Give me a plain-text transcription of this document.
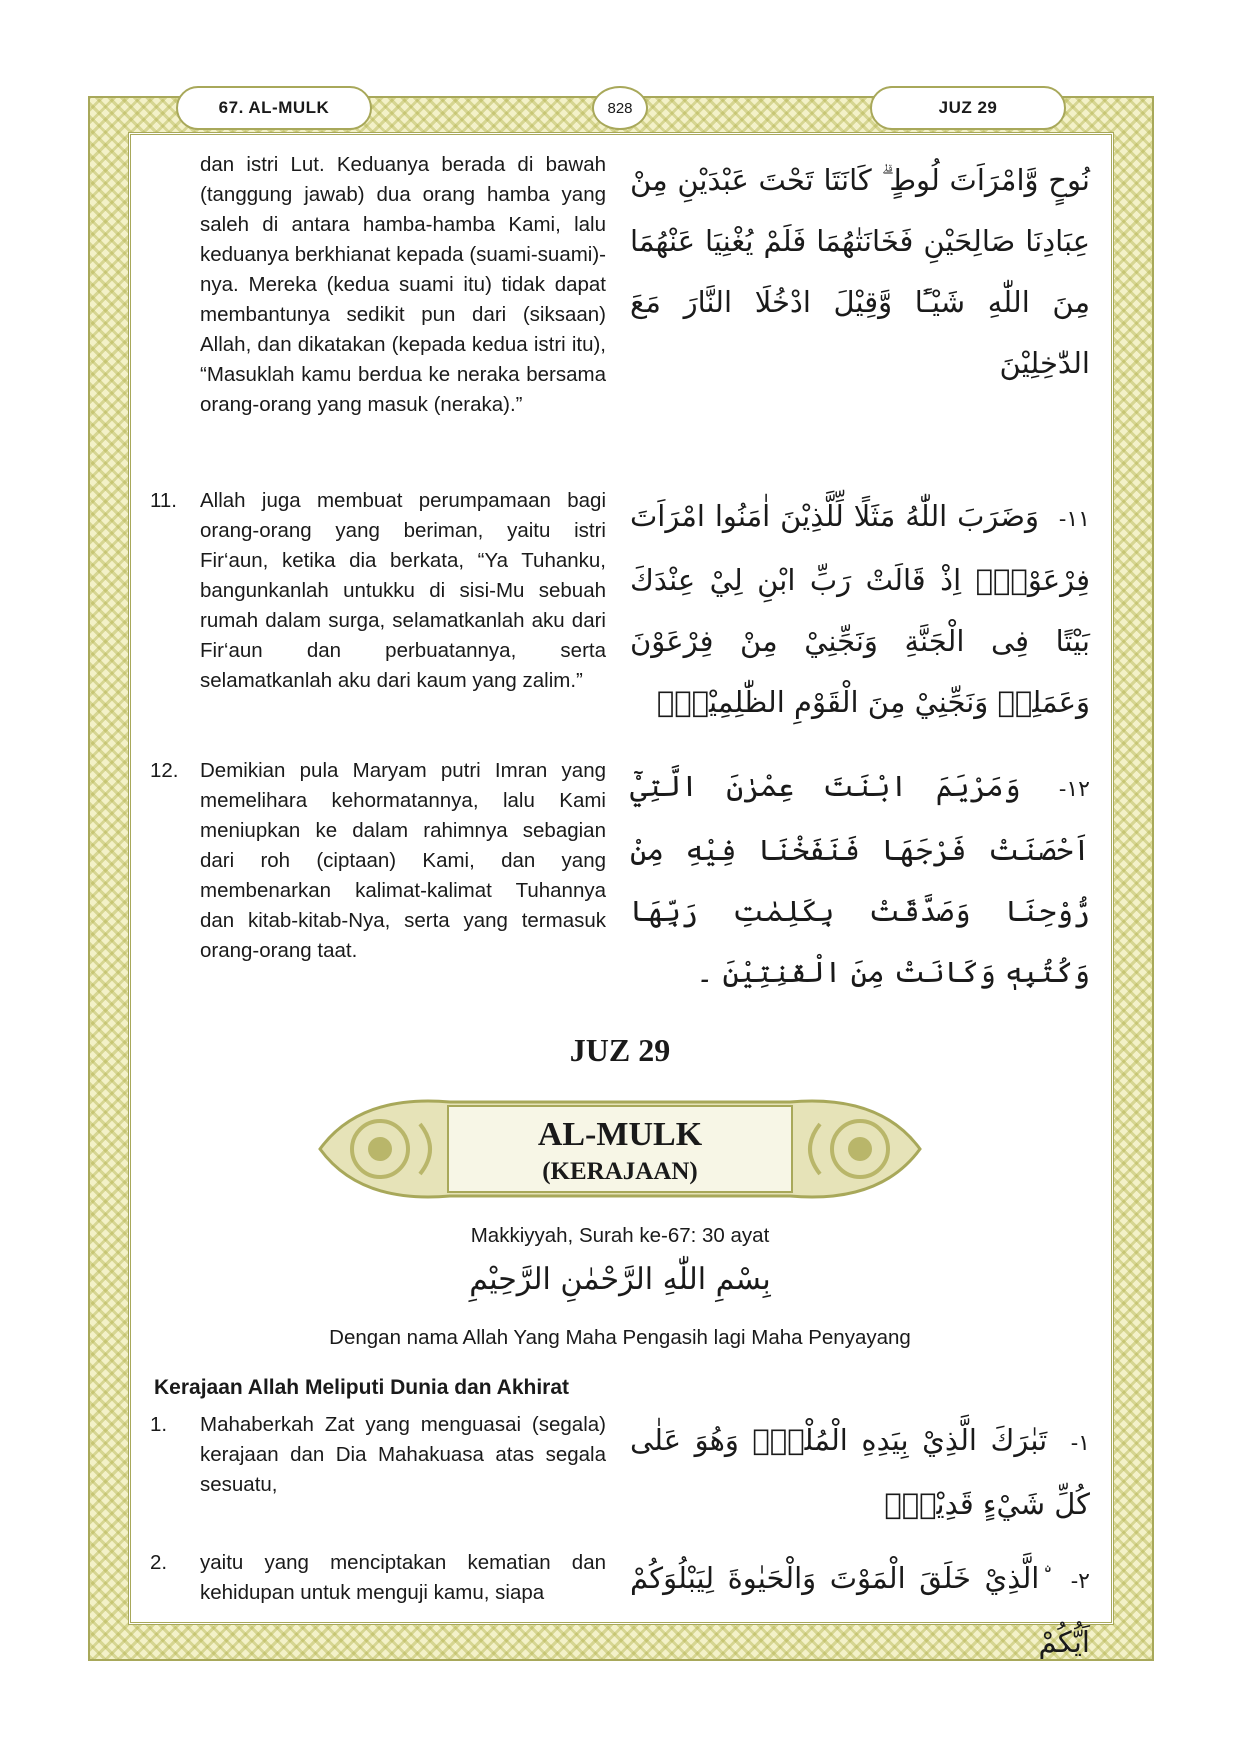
67. AL-MULK	828	JUZ 29
dan istri Lut. Keduanya berada di bawah (tanggung jawab) dua orang hamba yang saleh di antara hamba-hamba Kami, lalu keduanya berkhianat kepada (suami-suami)-nya. Mereka (kedua suami itu) tidak dapat membantunya sedikit pun dari (siksaan) Allah, dan dikatakan (kepada kedua istri itu), “Masuklah kamu berdua ke neraka bersama orang-orang yang masuk (neraka).”
نُوحٍ وَّامْرَاَتَ لُوطٍ ۗ كَانَتَا تَحْتَ عَبْدَيْنِ مِنْ عِبَادِنَا صَالِحَيْنِ فَخَانَتٰهُمَا فَلَمْ يُغْنِيَا عَنْهُمَا مِنَ اللّٰهِ شَيْـًٔا وَّقِيْلَ ادْخُلَا النَّارَ مَعَ الدّٰخِلِيْنَ
11. Allah juga membuat perumpamaan bagi orang-orang yang beriman, yaitu istri Fir‘aun, ketika dia berkata, “Ya Tuhanku, bangunkanlah untukku di sisi-Mu sebuah rumah dalam surga, selamatkanlah aku dari Fir‘aun dan perbuatannya, serta selamatkanlah aku dari kaum yang zalim.”
١١- وَضَرَبَ اللّٰهُ مَثَلًا لِّلَّذِيْنَ اٰمَنُوا امْرَاَتَ فِرْعَوْنَۘ اِذْ قَالَتْ رَبِّ ابْنِ لِيْ عِنْدَكَ بَيْتًا فِى الْجَنَّةِ وَنَجِّنِيْ مِنْ فِرْعَوْنَ وَعَمَلِهٖ وَنَجِّنِيْ مِنَ الْقَوْمِ الظّٰلِمِيْنَۙ
12. Demikian pula Maryam putri Imran yang memelihara kehormatannya, lalu Kami meniupkan ke dalam rahimnya sebagian dari roh (ciptaan) Kami, dan yang membenarkan kalimat-kalimat Tuhannya dan kitab-kitab-Nya, serta yang termasuk orang-orang taat.
١٢- وَمَرْيَمَ ابْنَتَ عِمْرٰنَ الَّتِيْٓ اَحْصَنَتْ فَرْجَهَا فَنَفَخْنَا فِيْهِ مِنْ رُّوْحِنَا وَصَدَّقَتْ بِكَلِمٰتِ رَبِّهَا وَكُتُبِهٖ وَكَانَتْ مِنَ الْقٰنِتِيْنَ ۔
JUZ 29
AL-MULK
(KERAJAAN)
Makkiyyah, Surah ke-67: 30 ayat
بِسْمِ اللّٰهِ الرَّحْمٰنِ الرَّحِيْمِ
Dengan nama Allah Yang Maha Pengasih lagi Maha Penyayang
Kerajaan Allah Meliputi Dunia dan Akhirat
1. Mahaberkah Zat yang menguasai (segala) kerajaan dan Dia Mahakuasa atas segala sesuatu,
١- تَبٰرَكَ الَّذِيْ بِيَدِهِ الْمُلْكُۖ وَهُوَ عَلٰى كُلِّ شَيْءٍ قَدِيْرٌۙ
2. yaitu yang menciptakan kematian dan kehidupan untuk menguji kamu, siapa	٢- ۨالَّذِيْ خَلَقَ الْمَوْتَ وَالْحَيٰوةَ لِيَبْلُوَكُمْ اَيُّكُمْ
